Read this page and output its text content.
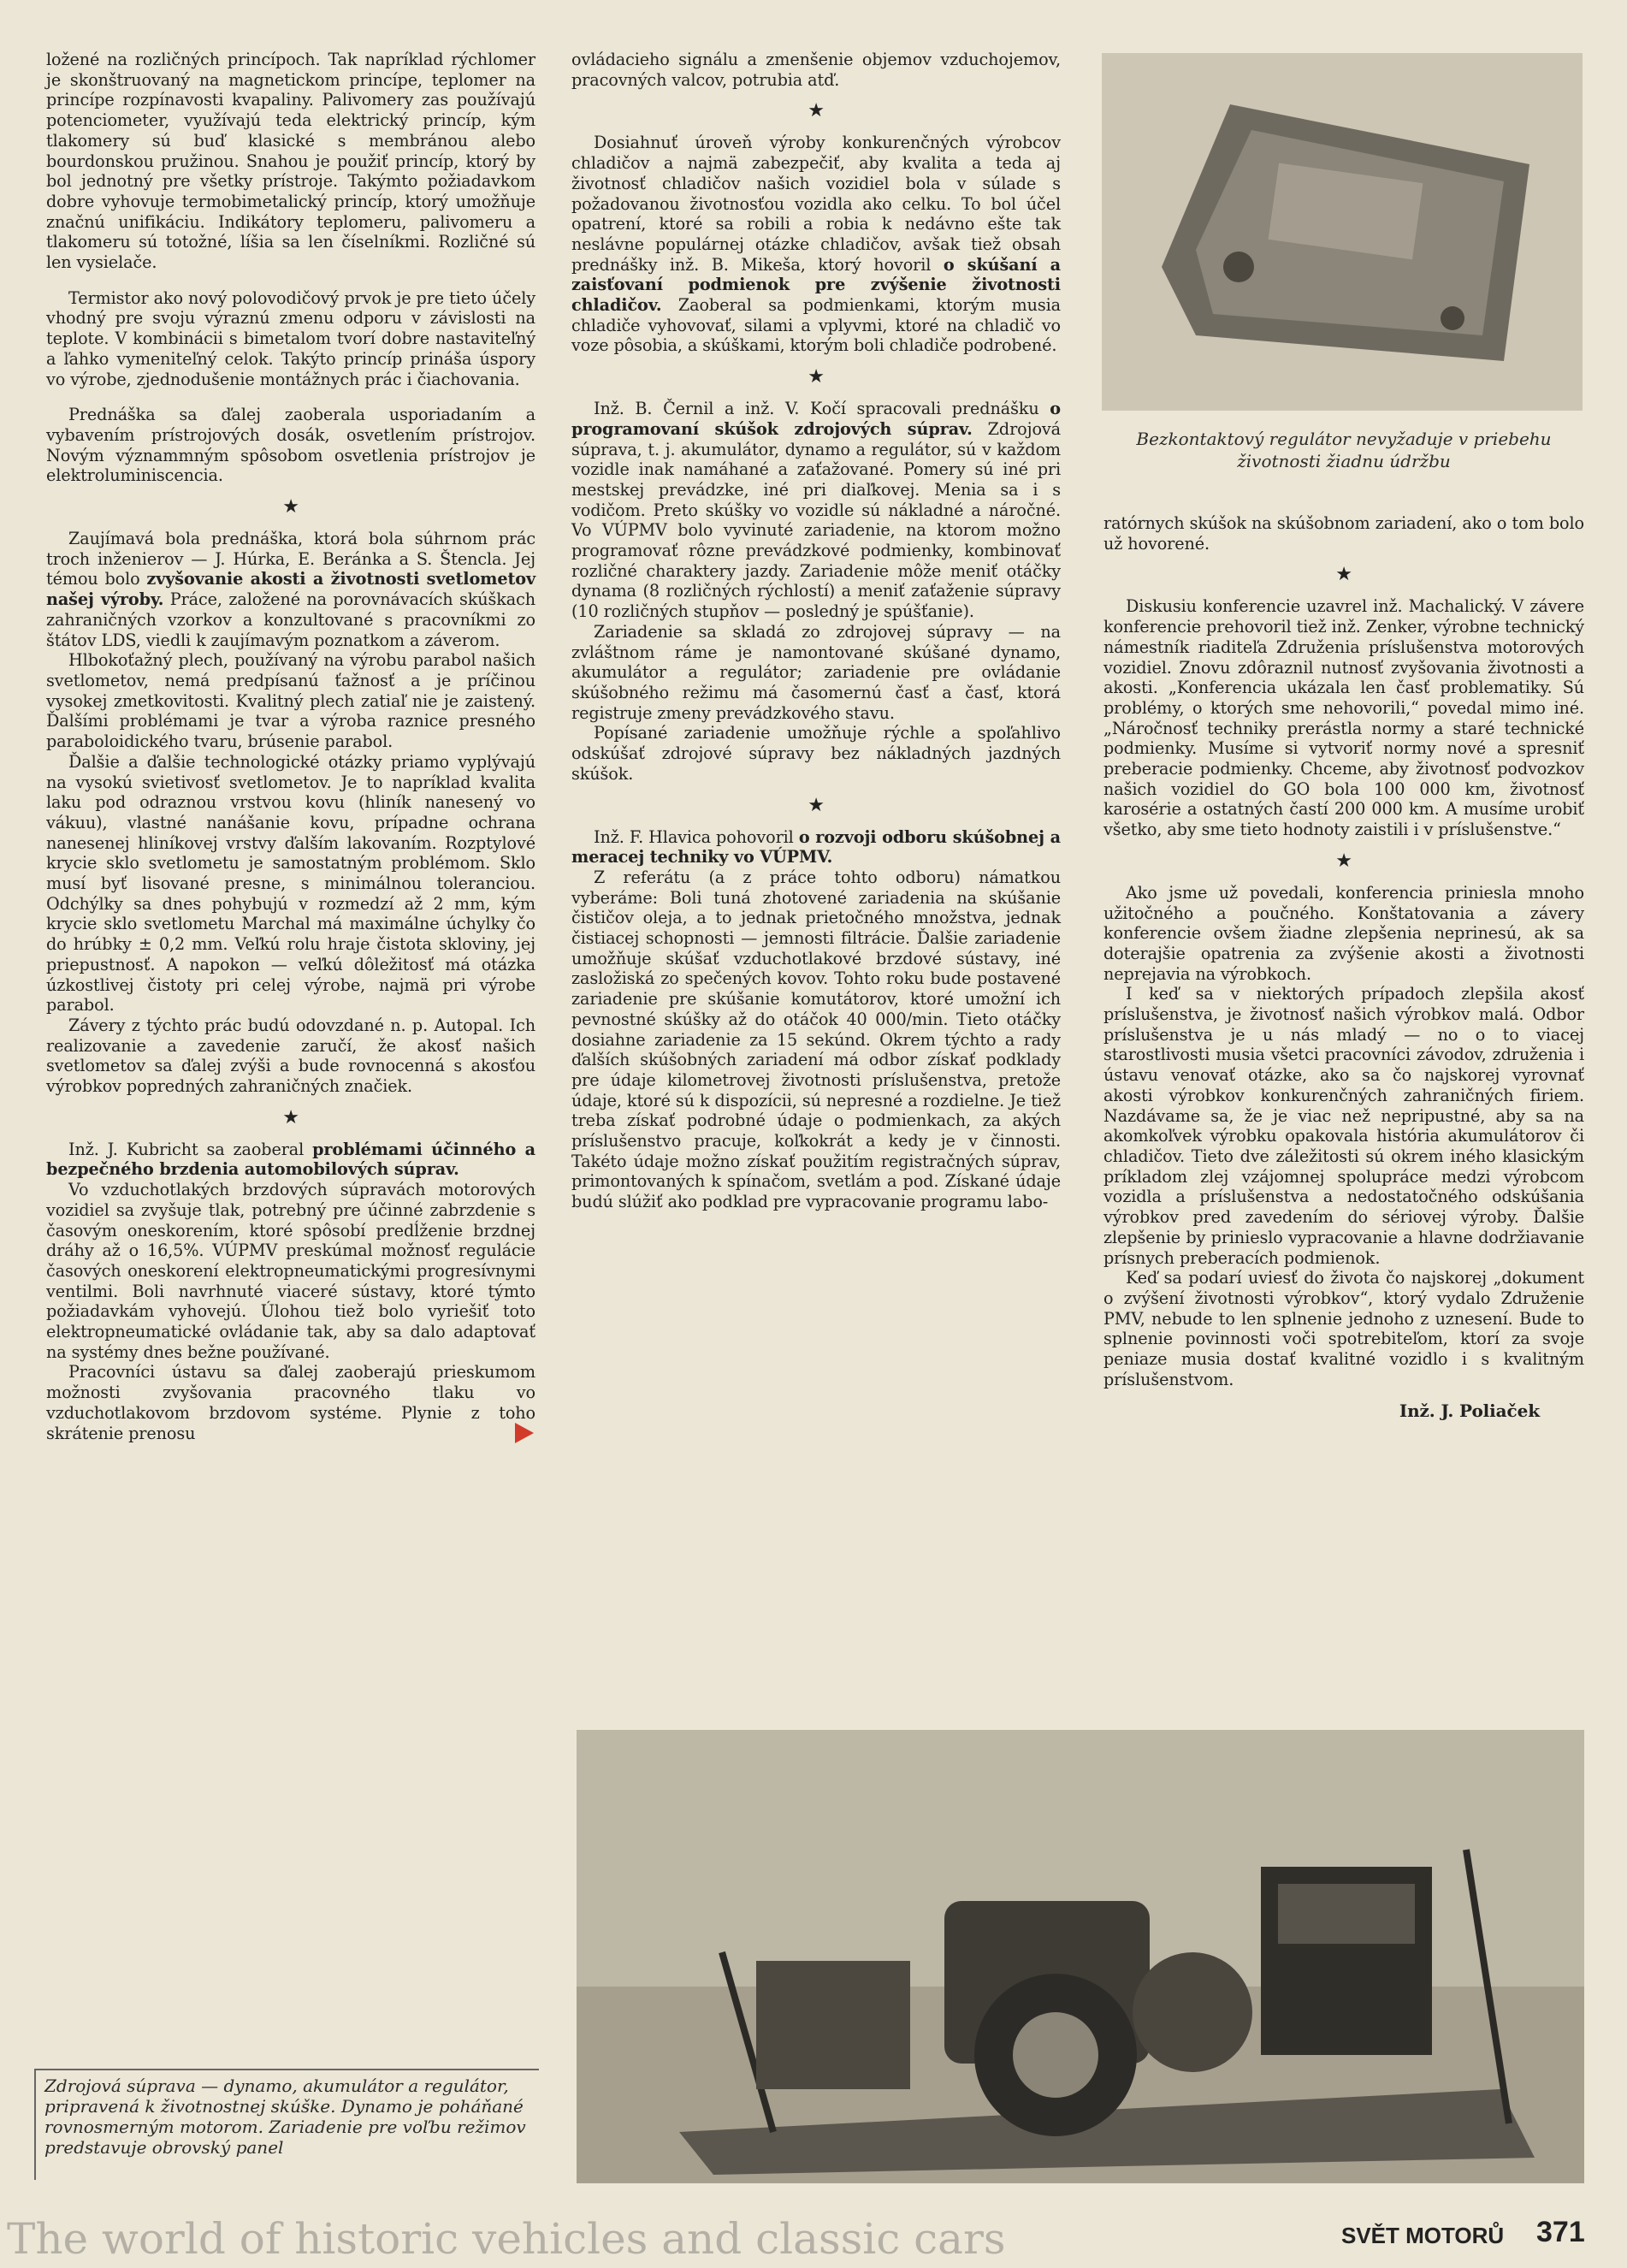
ložené na rozličných princípoch. Tak napríklad rýchlomer je skonštruovaný na magnetickom princípe, teplomer na princípe rozpínavosti kvapaliny. Palivomery zas používajú potenciometer, využívajú teda elektrický princíp, kým tlakomery sú buď klasické s membránou alebo bourdonskou pružinou. Snahou je použiť princíp, ktorý by bol jednotný pre všetky prístroje. Takýmto požiadavkom dobre vyhovuje termobimetalický princíp, ktorý umožňuje značnú unifikáciu. Indikátory teplomeru, palivomeru a tlakomeru sú totožné, líšia sa len číselníkmi. Rozličné sú len vysielače.

Termistor ako nový polovodičový prvok je pre tieto účely vhodný pre svoju výraznú zmenu odporu v závislosti na teplote. V kombinácii s bimetalom tvorí dobre nastaviteľný a ľahko vymeniteľný celok. Takýto princíp prináša úspory vo výrobe, zjednodušenie montážnych prác i čiachovania.

Prednáška sa ďalej zaoberala usporiadaním a vybavením prístrojových dosák, osvetlením prístrojov. Novým význammným spôsobom osvetlenia prístrojov je elektroluminiscencia.

★

Zaujímavá bola prednáška, ktorá bola súhrnom prác troch inženierov — J. Húrka, E. Beránka a S. Štencla. Jej témou bolo zvyšovanie akosti a životnosti svetlometov našej výroby. Práce, založené na porovnávacích skúškach zahraničných vzorkov a konzultované s pracovníkmi zo štátov LDS, viedli k zaujímavým poznatkom a záverom.

Hlbokoťažný plech, používaný na výrobu parabol našich svetlometov, nemá predpísanú ťažnosť a je príčinou vysokej zmetkovitosti. Kvalitný plech zatiaľ nie je zaistený. Ďalšími problémami je tvar a výroba raznice presného paraboloidického tvaru, brúsenie parabol.

Ďalšie a ďalšie technologické otázky priamo vyplývajú na vysokú svietivosť svetlometov. Je to napríklad kvalita laku pod odraznou vrstvou kovu (hliník nanesený vo vákuu), vlastné nanášanie kovu, prípadne ochrana nanesenej hliníkovej vrstvy ďalším lakovaním. Rozptylové krycie sklo svetlometu je samostatným problémom. Sklo musí byť lisované presne, s minimálnou toleranciou. Odchýlky sa dnes pohybujú v rozmedzí až 2 mm, kým krycie sklo svetlometu Marchal má maximálne úchylky čo do hrúbky ± 0,2 mm. Veľkú rolu hraje čistota skloviny, jej priepustnosť. A napokon — veľkú dôležitosť má otázka úzkostlivej čistoty pri celej výrobe, najmä pri výrobe parabol.

Závery z týchto prác budú odovzdané n. p. Autopal. Ich realizovanie a zavedenie zaručí, že akosť našich svetlometov sa ďalej zvýši a bude rovnocenná s akosťou výrobkov popredných zahraničných značiek.

★

Inž. J. Kubricht sa zaoberal problémami účinného a bezpečného brzdenia automobilových súprav.

Vo vzduchotlakých brzdových súpravách motorových vozidiel sa zvyšuje tlak, potrebný pre účinné zabrzdenie s časovým oneskorením, ktoré spôsobí predĺženie brzdnej dráhy až o 16,5%. VÚPMV preskúmal možnosť regulácie časových oneskorení elektropneumatickými progresívnymi ventilmi. Boli navrhnuté viaceré sústavy, ktoré týmto požiadavkám vyhovejú. Úlohou tiež bolo vyriešiť toto elektropneumatické ovládanie tak, aby sa dalo adaptovať na systémy dnes bežne používané.

Pracovníci ústavu sa ďalej zaoberajú prieskumom možnosti zvyšovania pracovného tlaku vo vzduchotlakovom brzdovom systéme. Plynie z toho skrátenie prenosu

ovládacieho signálu a zmenšenie objemov vzduchojemov, pracovných valcov, potrubia atď.

★

Dosiahnuť úroveň výroby konkurenčných výrobcov chladičov a najmä zabezpečiť, aby kvalita a teda aj životnosť chladičov našich vozidiel bola v súlade s požadovanou životnosťou vozidla ako celku. To bol účel opatrení, ktoré sa robili a robia k nedávno ešte tak neslávne populárnej otázke chladičov, avšak tiež obsah prednášky inž. B. Mikeša, ktorý hovoril o skúšaní a zaisťovaní podmienok pre zvýšenie životnosti chladičov. Zaoberal sa podmienkami, ktorým musia chladiče vyhovovať, silami a vplyvmi, ktoré na chladič vo voze pôsobia, a skúškami, ktorým boli chladiče podrobené.

★

Inž. B. Černil a inž. V. Kočí spracovali prednášku o programovaní skúšok zdrojových súprav. Zdrojová súprava, t. j. akumulátor, dynamo a regulátor, sú v každom vozidle inak namáhané a zaťažované. Pomery sú iné pri mestskej prevádzke, iné pri diaľkovej. Menia sa i s vodičom. Preto skúšky vo vozidle sú nákladné a náročné. Vo VÚPMV bolo vyvinuté zariadenie, na ktorom možno programovať rôzne prevádzkové podmienky, kombinovať rozličné charaktery jazdy. Zariadenie môže meniť otáčky dynama (8 rozličných rýchlostí) a meniť zaťaženie súpravy (10 rozličných stupňov — posledný je spúšťanie).

Zariadenie sa skladá zo zdrojovej súpravy — na zvláštnom ráme je namontované skúšané dynamo, akumulátor a regulátor; zariadenie pre ovládanie skúšobného režimu má časomernú časť a časť, ktorá registruje zmeny prevádzkového stavu.

Popísané zariadenie umožňuje rýchle a spoľahlivo odskúšať zdrojové súpravy bez nákladných jazdných skúšok.

★

Inž. F. Hlavica pohovoril o rozvoji odboru skúšobnej a meracej techniky vo VÚPMV.

Z referátu (a z práce tohto odboru) námatkou vyberáme: Boli tuná zhotovené zariadenia na skúšanie čističov oleja, a to jednak prietočného množstva, jednak čistiacej schopnosti — jemnosti filtrácie. Ďalšie zariadenie umožňuje skúšať vzduchotlakové brzdové sústavy, iné zasložiská zo spečených kovov. Tohto roku bude postavené zariadenie pre skúšanie komutátorov, ktoré umožní ich pevnostné skúšky až do otáčok 40 000/min. Tieto otáčky dosiahne zariadenie za 15 sekúnd. Okrem týchto a rady ďalších skúšobných zariadení má odbor získať podklady pre údaje kilometrovej životnosti príslušenstva, pretože údaje, ktoré sú k dispozícii, sú nepresné a rozdielne. Je tiež treba získať podrobné údaje o podmienkach, za akých príslušenstvo pracuje, koľkokrát a kedy je v činnosti. Takéto údaje možno získať použitím registračných súprav, primontovaných k spínačom, svetlám a pod. Získané údaje budú slúžiť ako podklad pre vypracovanie programu labo-

Bezkontaktový regulátor nevyžaduje v priebehu životnosti žiadnu údržbu

ratórnych skúšok na skúšobnom zariadení, ako o tom bolo už hovorené.

★

Diskusiu konferencie uzavrel inž. Machalický. V závere konferencie prehovoril tiež inž. Zenker, výrobne technický námestník riaditeľa Združenia príslušenstva motorových vozidiel. Znovu zdôraznil nutnosť zvyšovania životnosti a akosti. „Konferencia ukázala len časť problematiky. Sú problémy, o ktorých sme nehovorili,“ povedal mimo iné. „Náročnosť techniky prerástla normy a staré technické podmienky. Musíme si vytvoriť normy nové a spresniť preberacie podmienky. Chceme, aby životnosť podvozkov našich vozidiel do GO bola 100 000 km, životnosť karosérie a ostatných častí 200 000 km. A musíme urobiť všetko, aby sme tieto hodnoty zaistili i v príslušenstve.“

★

Ako jsme už povedali, konferencia priniesla mnoho užitočného a poučného. Konštatovania a závery konferencie ovšem žiadne zlepšenia neprinesú, ak sa doterajšie opatrenia za zvýšenie akosti a životnosti neprejavia na výrobkoch.

I keď sa v niektorých prípadoch zlepšila akosť príslušenstva, je životnosť našich výrobkov malá. Odbor príslušenstva je u nás mladý — no o to viacej starostlivosti musia všetci pracovníci závodov, združenia i ústavu venovať otázke, ako sa čo najskorej vyrovnať akosti výrobkov konkurenčných zahraničných firiem. Nazdávame sa, že je viac než nepripustné, aby sa na akomkoľvek výrobku opakovala história akumulátorov či chladičov. Tieto dve záležitosti sú okrem iného klasickým príkladom zlej vzájomnej spolupráce medzi výrobcom vozidla a príslušenstva a nedostatočného odskúšania výrobkov pred zavedením do sériovej výroby. Ďalšie zlepšenie by prinieslo vypracovanie a hlavne dodržiavanie prísnych preberacích podmienok.

Keď sa podarí uviesť do života čo najskorej „dokument o zvýšení životnosti výrobkov“, ktorý vydalo Združenie PMV, nebude to len splnenie jednoho z uznesení. Bude to splnenie povinnosti voči spotrebiteľom, ktorí za svoje peniaze musia dostať kvalitné vozidlo i s kvalitným príslušenstvom.

Inž. J. Poliaček
Zdrojová súprava — dynamo, akumulátor a regulátor, pripravená k životnostnej skúške. Dynamo je poháňané rovnosmerným motorom. Zariadenie pre voľbu režimov predstavuje obrovský panel
SVĚT MOTORŮ 371
The world of historic vehicles and classic cars
